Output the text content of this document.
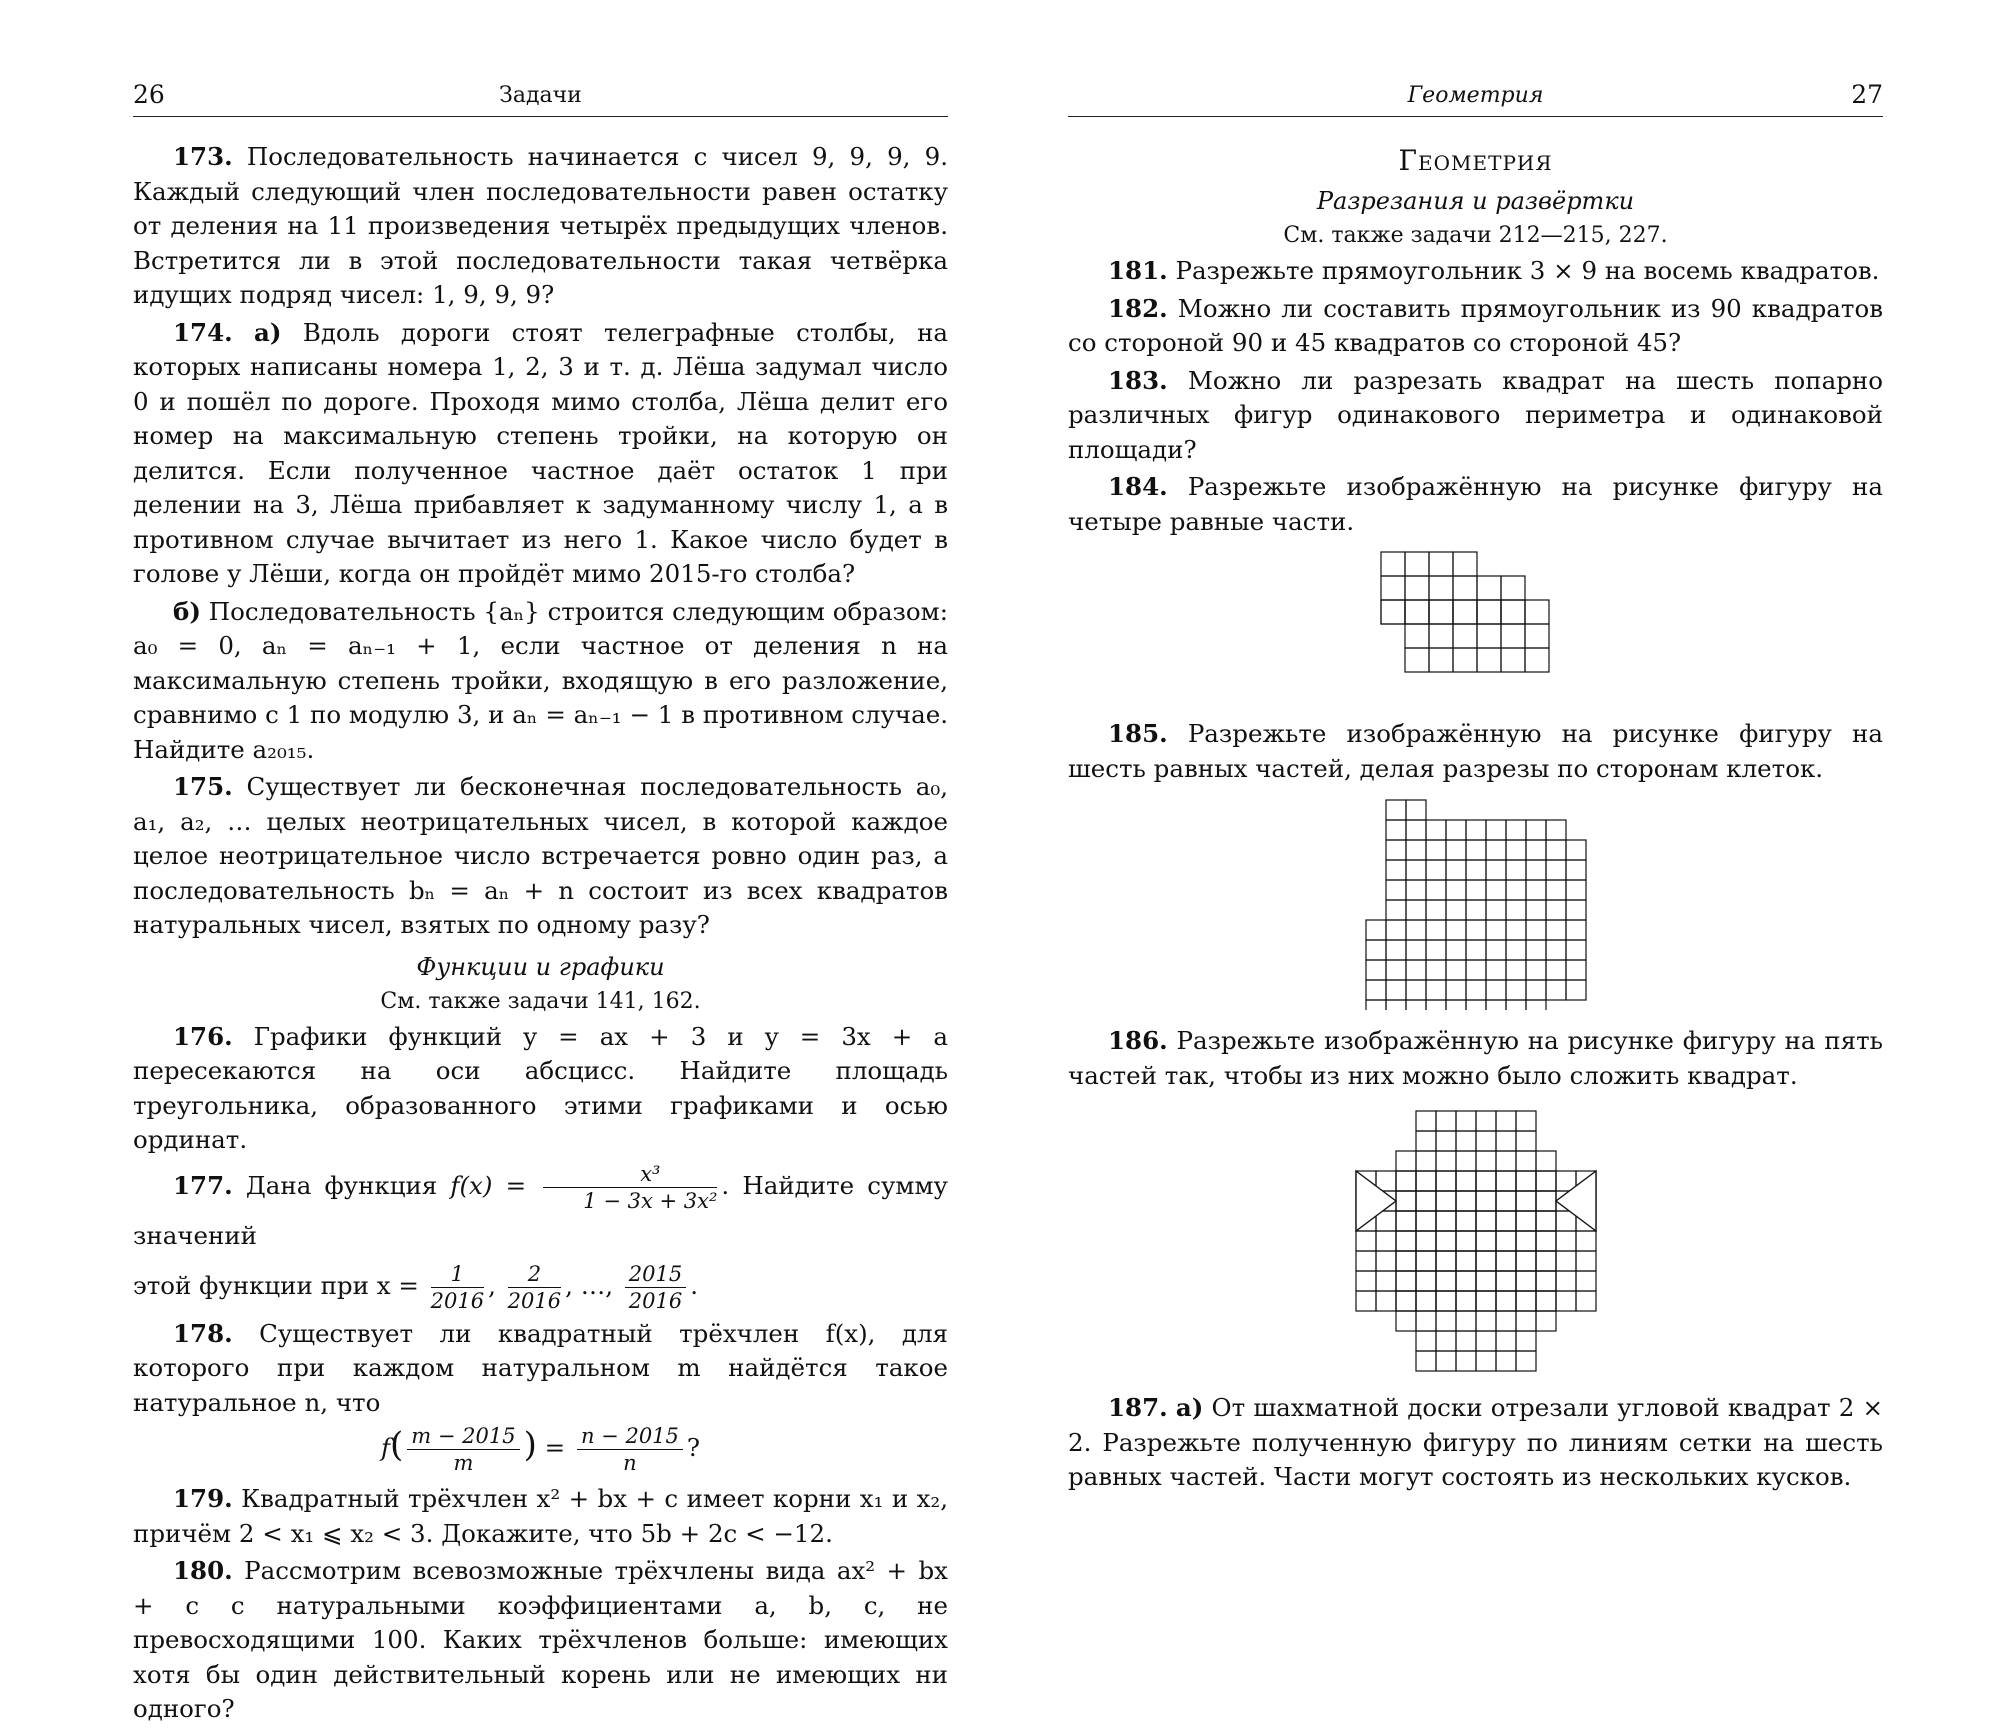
26	Задачи

173. Последовательность начинается с чисел 9, 9, 9, 9. Каждый следующий член последовательности равен остатку от деления на 11 произведения четырёх предыдущих членов. Встретится ли в этой последовательности такая четвёрка идущих подряд чисел: 1, 9, 9, 9?

174. а) Вдоль дороги стоят телеграфные столбы, на которых написаны номера 1, 2, 3 и т. д. Лёша задумал число 0 и пошёл по дороге. Проходя мимо столба, Лёша делит его номер на максимальную степень тройки, на которую он делится. Если полученное частное даёт остаток 1 при делении на 3, Лёша прибавляет к задуманному числу 1, а в противном случае вычитает из него 1. Какое число будет в голове у Лёши, когда он пройдёт мимо 2015-го столба?

б) Последовательность {aₙ} строится следующим образом: a₀ = 0, aₙ = aₙ₋₁ + 1, если частное от деления n на максимальную степень тройки, входящую в его разложение, сравнимо с 1 по модулю 3, и aₙ = aₙ₋₁ − 1 в противном случае. Найдите a₂₀₁₅.

175. Существует ли бесконечная последовательность a₀, a₁, a₂, … целых неотрицательных чисел, в которой каждое целое неотрицательное число встречается ровно один раз, а последовательность bₙ = aₙ + n состоит из всех квадратов натуральных чисел, взятых по одному разу?

Функции и графики
См. также задачи 141, 162.

176. Графики функций y = ax + 3 и y = 3x + a пересекаются на оси абсцисс. Найдите площадь треугольника, образованного этими графиками и осью ординат.

177. Дана функция $f(x) = \frac{\text{x³}}{\text{1 − 3x + 3x²}}$ . Найдите сумму значений

этой функции при $x = \frac{1}{2016}$ , $\frac{2}{2016}$ , …, $\frac{2015}{2016}$ .

178. Существует ли квадратный трёхчлен f(x), для которого при каждом натуральном m найдётся такое натуральное n, что

$f( \frac{m - 2015}{m}$ ) = $\frac{n - 2015}{n}$ ?

179. Квадратный трёхчлен x² + bx + c имеет корни x₁ и x₂, причём 2 < x₁ ⩽ x₂ < 3. Докажите, что 5b + 2c < −12.

180. Рассмотрим всевозможные трёхчлены вида ax² + bx + c с натуральными коэффициентами a, b, c, не превосходящими 100. Каких трёхчленов больше: имеющих хотя бы один действительный корень или не имеющих ни одного?

Геометрия	27
Геометрия
Разрезания и развёртки
См. также задачи 212—215, 227.

181. Разрежьте прямоугольник 3 × 9 на восемь квадратов.

182. Можно ли составить прямоугольник из 90 квадратов со стороной 90 и 45 квадратов со стороной 45?

183. Можно ли разрезать квадрат на шесть попарно различных фигур одинакового периметра и одинаковой площади?

184. Разрежьте изображённую на рисунке фигуру на четыре равные части.

185. Разрежьте изображённую на рисунке фигуру на шесть равных частей, делая разрезы по сторонам клеток.

186. Разрежьте изображённую на рисунке фигуру на пять частей так, чтобы из них можно было сложить квадрат.

187. а) От шахматной доски отрезали угловой квадрат 2 × 2. Разрежьте полученную фигуру по линиям сетки на шесть равных частей. Части могут состоять из нескольких кусков.
